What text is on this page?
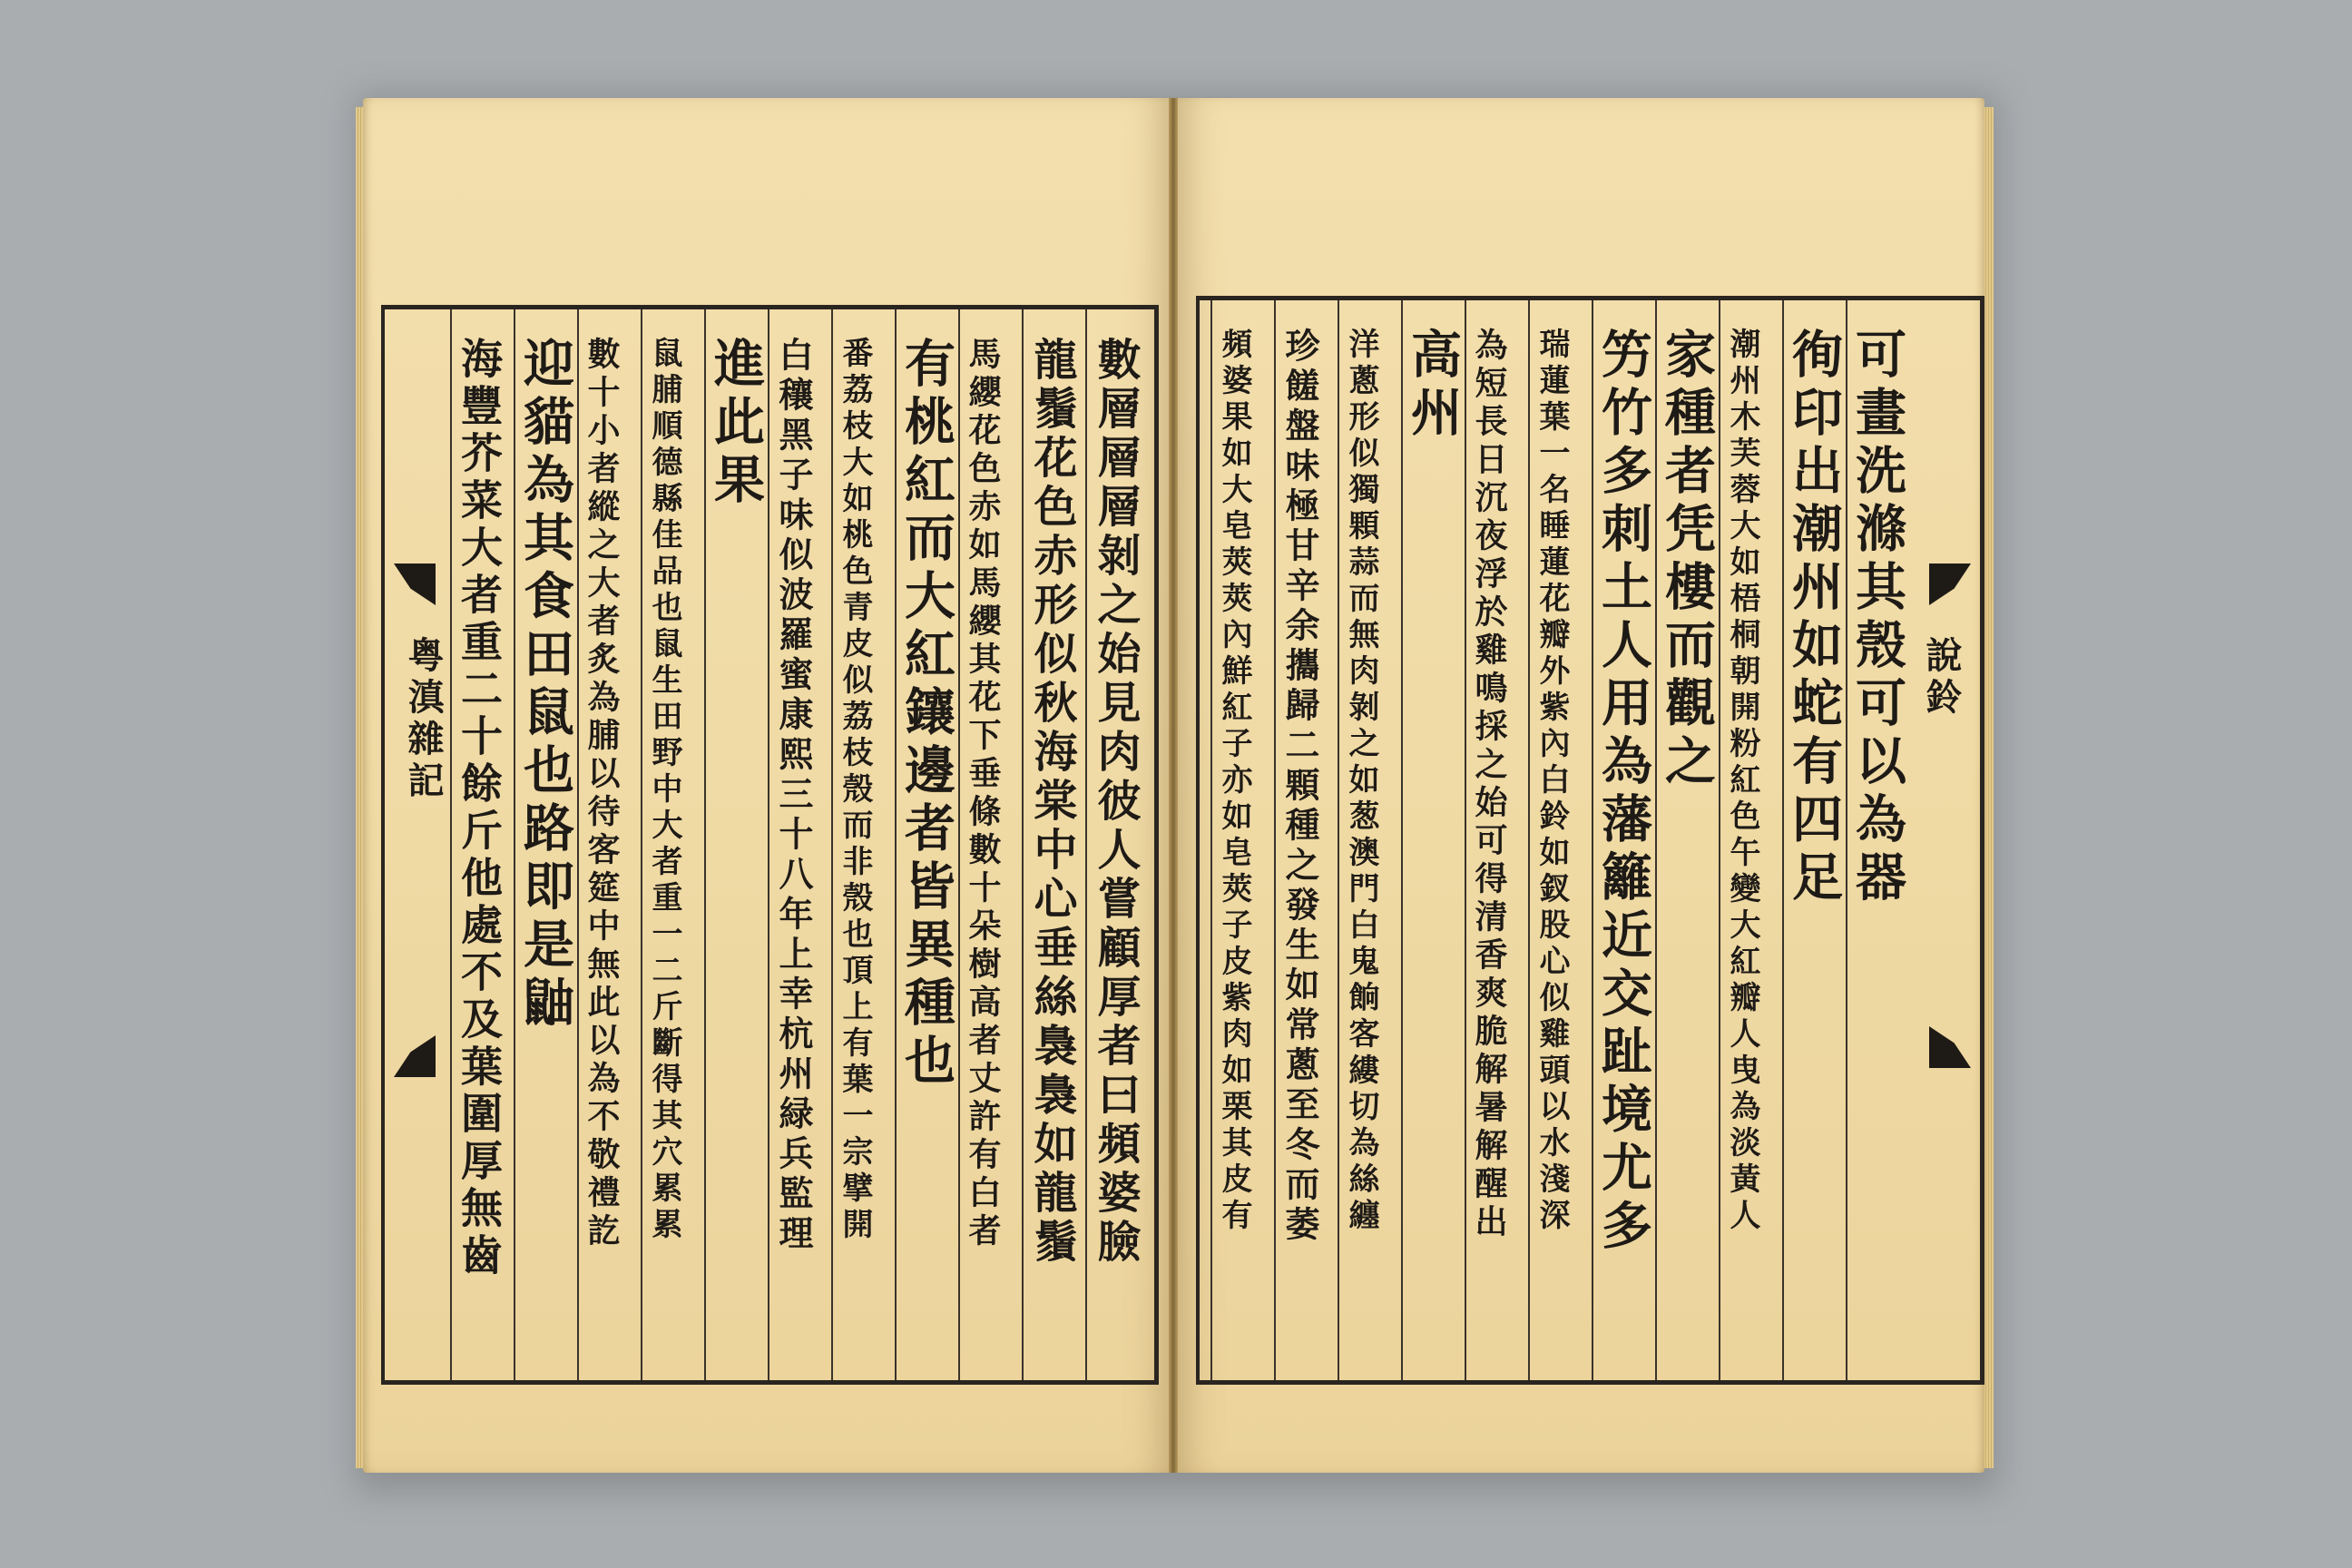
粤滇雜記	數層層層剝之始見肉彼人嘗顧厚者曰頻婆臉
龍鬚花色赤形似秋海棠中心垂絲裊裊如龍鬚
馬纓花色赤如馬纓其花下垂條數十朵樹高者丈許有白者
有桃紅而大紅鑲邊者皆異種也
番荔枝大如桃色青皮似荔枝殼而非殼也頂上有葉一宗擘開
白穰黑子味似波羅蜜康熙三十八年上幸杭州緑兵監理
進此果
鼠脯順德縣佳品也鼠生田野中大者重一二斤斷得其穴累累
數十小者縱之大者炙為脯以待客筵中無此以為不敬禮訖
迎貓為其食田鼠也路即是鼬
海豐芥菜大者重二十餘斤他處不及葉圍厚無齒	說鈴
可畫洗滌其殼可以為器
徇印出潮州如蛇有四足
潮州木芙蓉大如梧桐朝開粉紅色午變大紅瓣人曳為淡黃人
家種者凭樓而觀之
竻竹多刺土人用為藩籬近交趾境尤多
瑞蓮葉一名睡蓮花瓣外紫內白鈴如釵股心似雞頭以水淺深
為短長日沉夜浮於雞鳴採之始可得清香爽脆解暑解醒出
高州
洋蔥形似獨顆蒜而無肉剝之如葱澳門白鬼餉客縷切為絲纏
珍饈盤味極甘辛余攜歸二顆種之發生如常蔥至冬而萎
頻婆果如大皂莢莢內鮮紅子亦如皂莢子皮紫肉如栗其皮有
